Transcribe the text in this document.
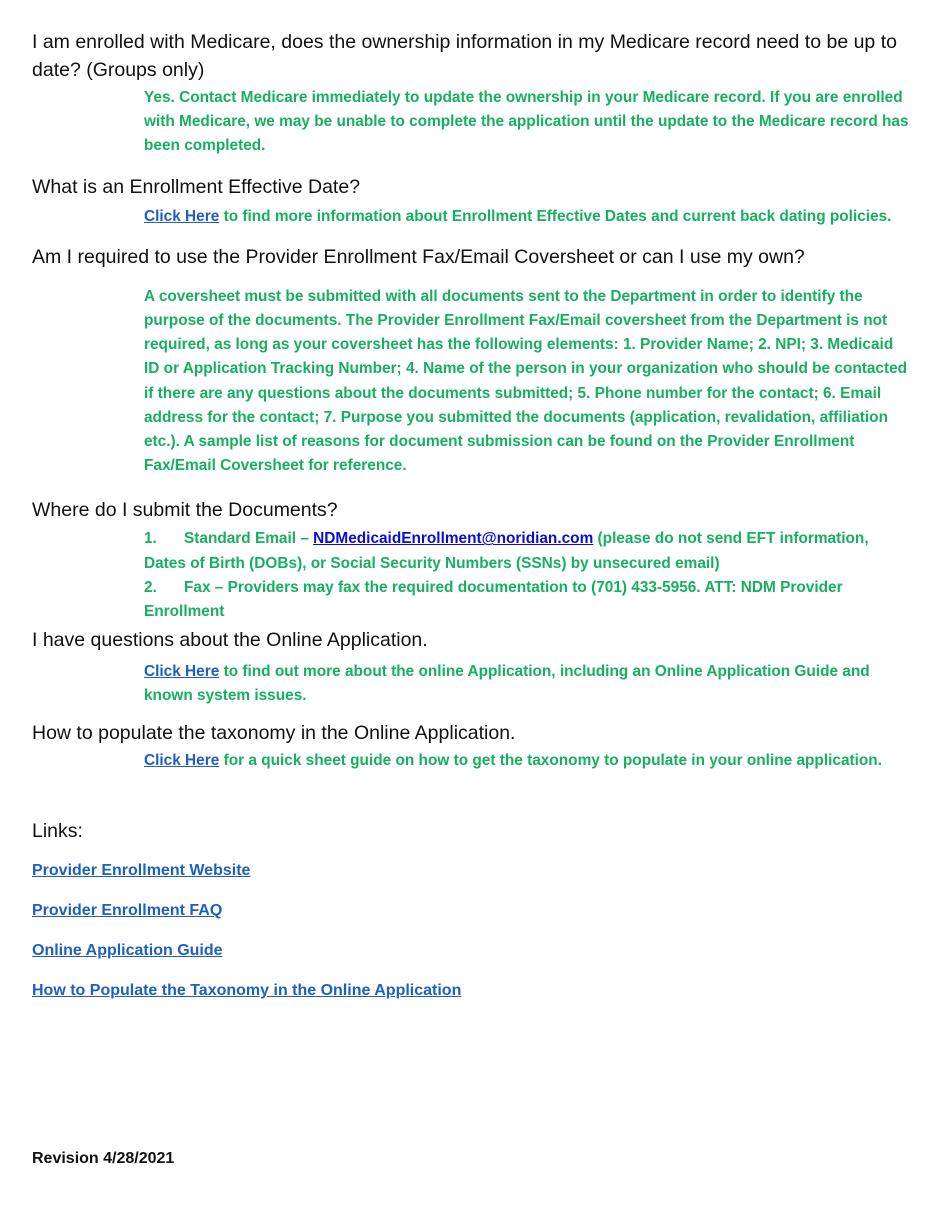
I am enrolled with Medicare, does the ownership information in my Medicare record need to be up to date? (Groups only)

Yes. Contact Medicare immediately to update the ownership in your Medicare record. If you are enrolled with Medicare, we may be unable to complete the application until the update to the Medicare record has been completed.

What is an Enrollment Effective Date?

Click Here to find more information about Enrollment Effective Dates and current back dating policies.

Am I required to use the Provider Enrollment Fax/Email Coversheet or can I use my own?

A coversheet must be submitted with all documents sent to the Department in order to identify the purpose of the documents. The Provider Enrollment Fax/Email coversheet from the Department is not required, as long as your coversheet has the following elements: 1. Provider Name; 2. NPI; 3. Medicaid ID or Application Tracking Number; 4. Name of the person in your organization who should be contacted if there are any questions about the documents submitted; 5. Phone number for the contact; 6. Email address for the contact; 7. Purpose you submitted the documents (application, revalidation, affiliation etc.). A sample list of reasons for document submission can be found on the Provider Enrollment Fax/Email Coversheet for reference.

Where do I submit the Documents?

1. Standard Email – NDMedicaidEnrollment@noridian.com (please do not send EFT information, Dates of Birth (DOBs), or Social Security Numbers (SSNs) by unsecured email)

2. Fax – Providers may fax the required documentation to (701) 433-5956. ATT: NDM Provider Enrollment

I have questions about the Online Application.

Click Here to find out more about the online Application, including an Online Application Guide and known system issues.

How to populate the taxonomy in the Online Application.

Click Here for a quick sheet guide on how to get the taxonomy to populate in your online application.

Links:

Provider Enrollment Website
Provider Enrollment FAQ
Online Application Guide
How to Populate the Taxonomy in the Online Application
Revision 4/28/2021
